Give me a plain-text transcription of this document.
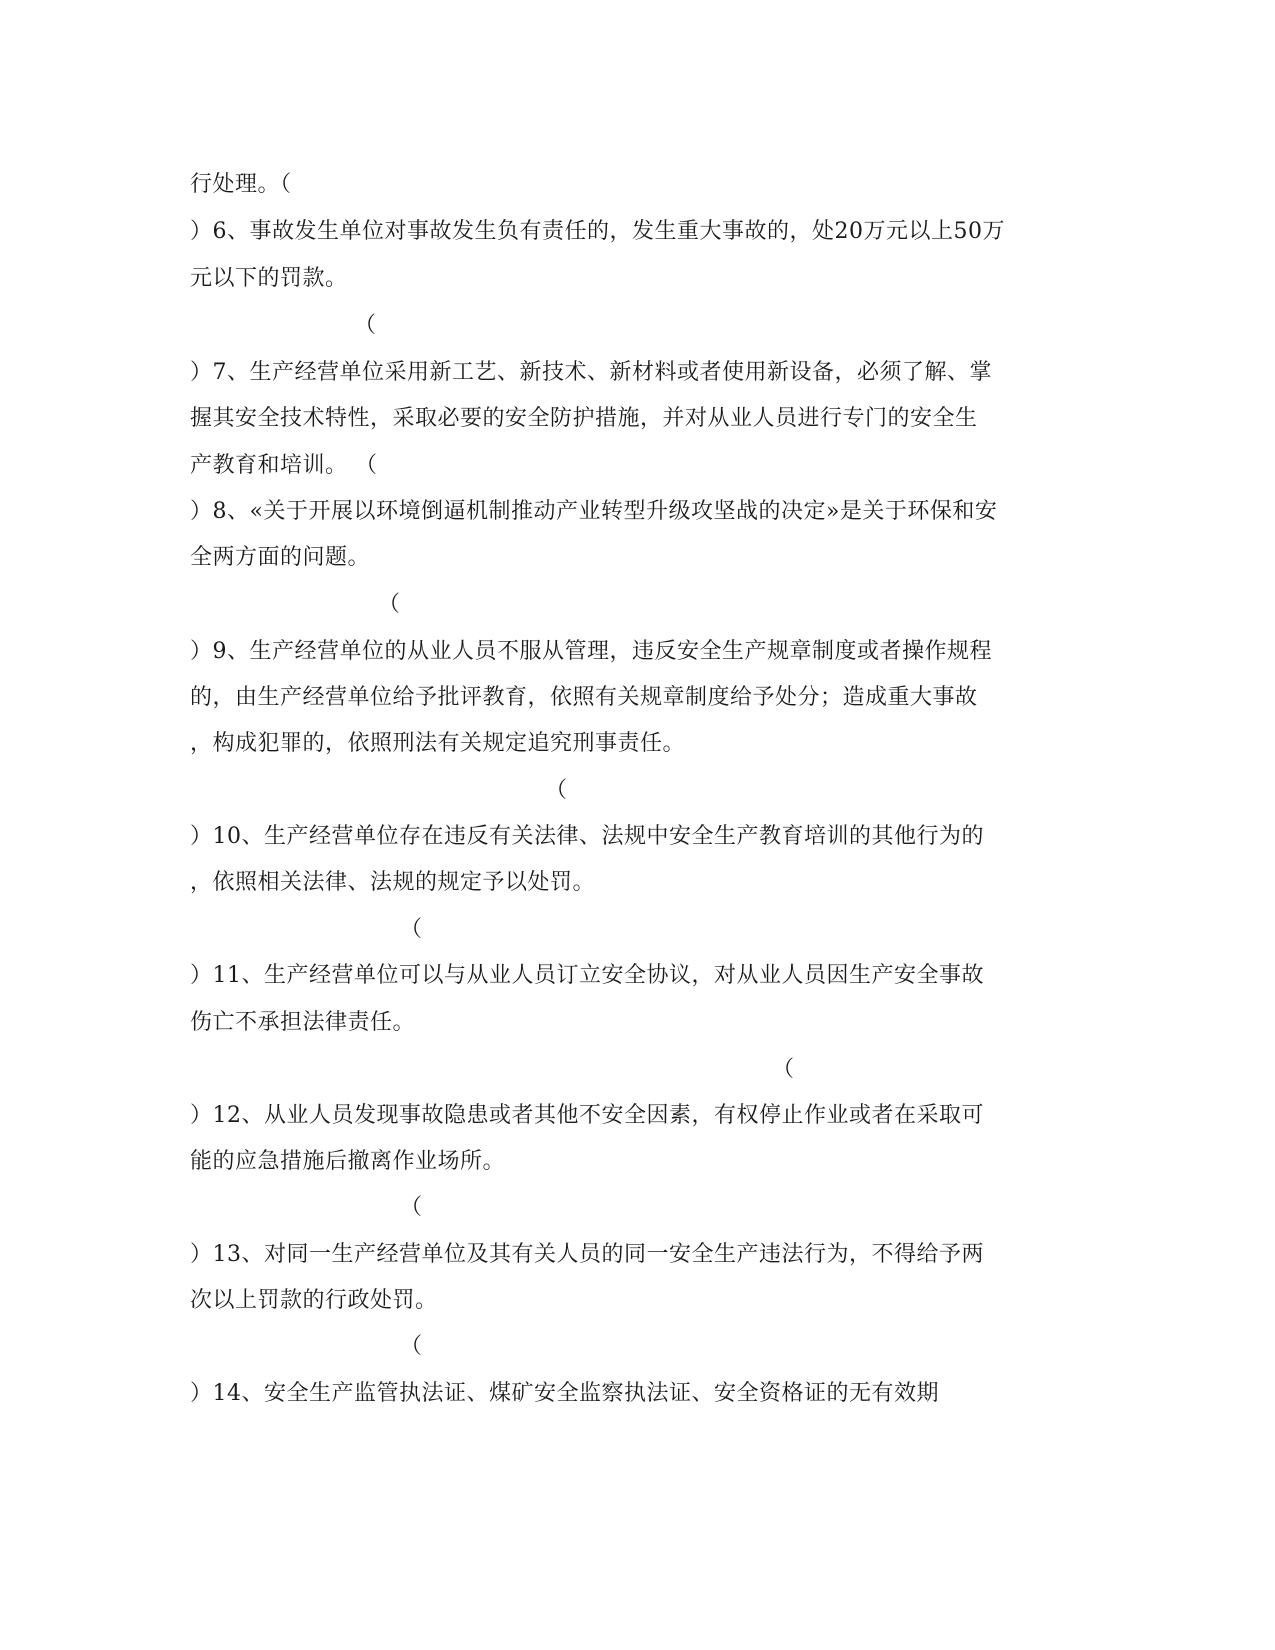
行处理。（
）6、事故发生单位对事故发生负有责任的，发生重大事故的，处20万元以上50万
元以下的罚款。
（
）7、生产经营单位采用新工艺、新技术、新材料或者使用新设备，必须了解、掌
握其安全技术特性，采取必要的安全防护措施，并对从业人员进行专门的安全生
产教育和培训。 （
）8、«关于开展以环境倒逼机制推动产业转型升级攻坚战的决定»是关于环保和安
全两方面的问题。
（
）9、生产经营单位的从业人员不服从管理，违反安全生产规章制度或者操作规程
的，由生产经营单位给予批评教育，依照有关规章制度给予处分；造成重大事故
，构成犯罪的，依照刑法有关规定追究刑事责任。
（
）10、生产经营单位存在违反有关法律、法规中安全生产教育培训的其他行为的
，依照相关法律、法规的规定予以处罚。
（
）11、生产经营单位可以与从业人员订立安全协议，对从业人员因生产安全事故
伤亡不承担法律责任。
（
）12、从业人员发现事故隐患或者其他不安全因素，有权停止作业或者在采取可
能的应急措施后撤离作业场所。
（
）13、对同一生产经营单位及其有关人员的同一安全生产违法行为，不得给予两
次以上罚款的行政处罚。
（
）14、安全生产监管执法证、煤矿安全监察执法证、安全资格证的无有效期
